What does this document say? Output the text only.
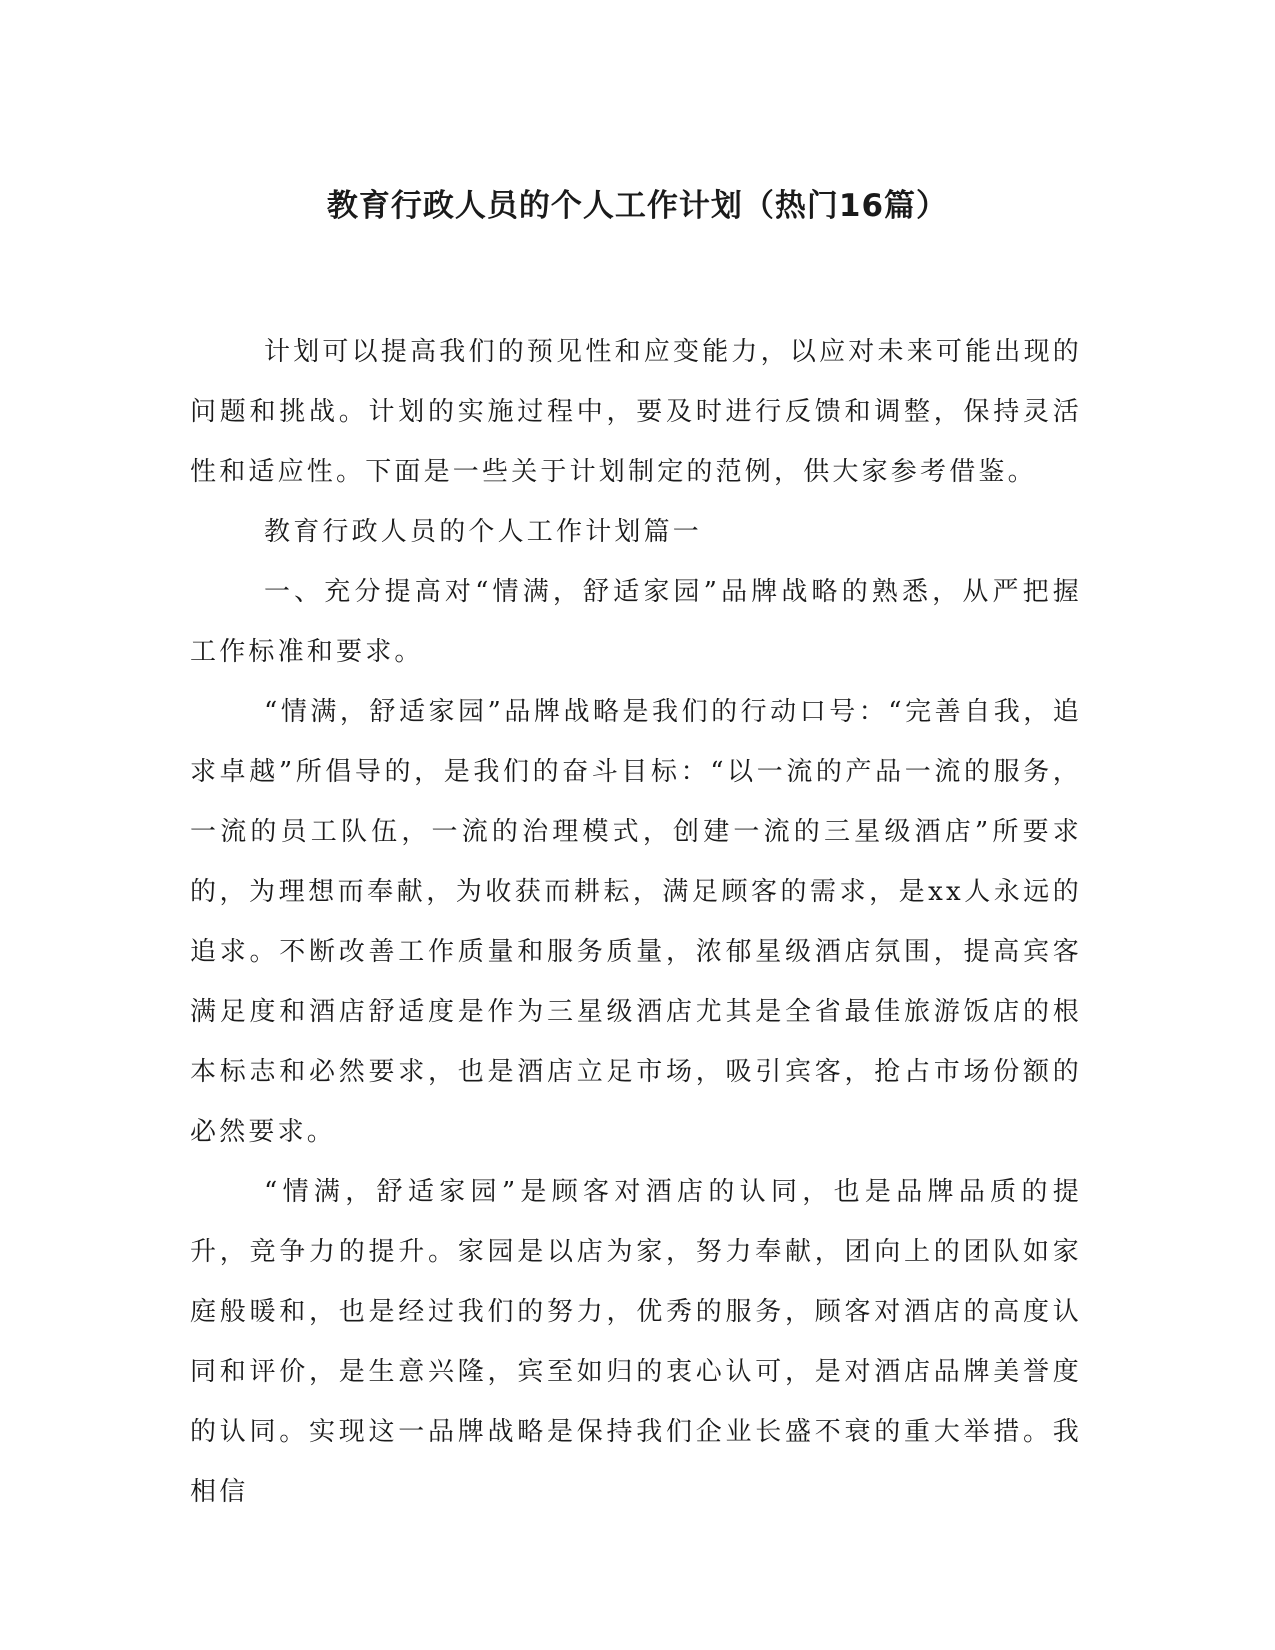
教育行政人员的个人工作计划（热门16篇）

计划可以提高我们的预见性和应变能力，以应对未来可能出现的问题和挑战。计划的实施过程中，要及时进行反馈和调整，保持灵活性和适应性。下面是一些关于计划制定的范例，供大家参考借鉴。

教育行政人员的个人工作计划篇一

一、充分提高对“情满，舒适家园”品牌战略的熟悉，从严把握工作标准和要求。

“情满，舒适家园”品牌战略是我们的行动口号：“完善自我，追求卓越”所倡导的，是我们的奋斗目标：“以一流的产品一流的服务，一流的员工队伍，一流的治理模式，创建一流的三星级酒店”所要求的，为理想而奉献，为收获而耕耘，满足顾客的需求，是xx人永远的追求。不断改善工作质量和服务质量，浓郁星级酒店氛围，提高宾客满足度和酒店舒适度是作为三星级酒店尤其是全省最佳旅游饭店的根本标志和必然要求，也是酒店立足市场，吸引宾客，抢占市场份额的必然要求。

“情满，舒适家园”是顾客对酒店的认同，也是品牌品质的提升，竞争力的提升。家园是以店为家，努力奉献，团向上的团队如家庭般暖和，也是经过我们的努力，优秀的服务，顾客对酒店的高度认同和评价，是生意兴隆，宾至如归的衷心认可，是对酒店品牌美誉度的认同。实现这一品牌战略是保持我们企业长盛不衰的重大举措。我相信
